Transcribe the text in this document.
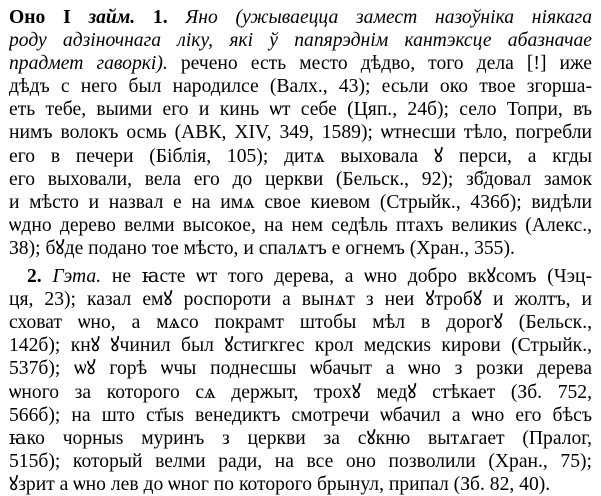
Оно I займ. 1. Яно (ужываецца замест назоўніка ніякага
роду адзіночнага ліку, які ў папярэднім кантэксце абазначае
прадмет гаворкі). речено есть место дѣдво, того дела [!] иже
дѣдъ с него был народилсе (Валх., 43); есьли око твое згоршa-
еть тебе, выими его и кинь ѡт себе (Цяп., 24б); село Топри, въ
нимъ волокъ осмь (АВК, XIV, 349, 1589); ѡтнесши тѣло, погребли
его в печери (Біблія, 105); дитѧ выховала ꙋ перси, а кгды
его выховали, вела его до церкви (Бельск., 92); зб҃довал замок
и мѣсто и назвал е на имѧ свое киевом (Стрыйк., 436б); видѣли
ѡдно дерево велми высокое, на нем седѣль птахъ великиѕ (Алекс.,
38); бꙋде подано тое мѣсто, и спалѧтъ е огнемъ (Хран., 355).
2. Гэта. не ꙗсте ѡт того дерева, а ѡно добро вкꙋсомъ (Чэц-
ця, 23); казал емꙋ роспороти а вынѧт з неи ꙋтробꙋ и жолтъ, и
сховат ѡно, а мѧсо покрамт штобы мѣл в дорогꙋ (Бельск.,
142б); кнꙋ ꙋчинил был ꙋстигкгес крол медскиѕ кирови (Стрыйк.,
537б); ѡꙋ горѣ ѡчы поднесшы ѡбачыт а ѡно з розки дерева
ѡного за которого сѧ держыт, трохꙋ медꙋ стѣкает (Зб. 752,
566б); на што ст҃ыѕ венедиктъ смотречи ѡбачил а ѡно его бѣсъ
ꙗко чорныѕ муринъ з церкви за сꙋкню вытѧгает (Пралог,
515б); который велми ради, на все оно позволили (Хран., 75);
ꙋзрит а ѡно лев до ѡног по которого брынул, припал (Зб. 82, 40).
